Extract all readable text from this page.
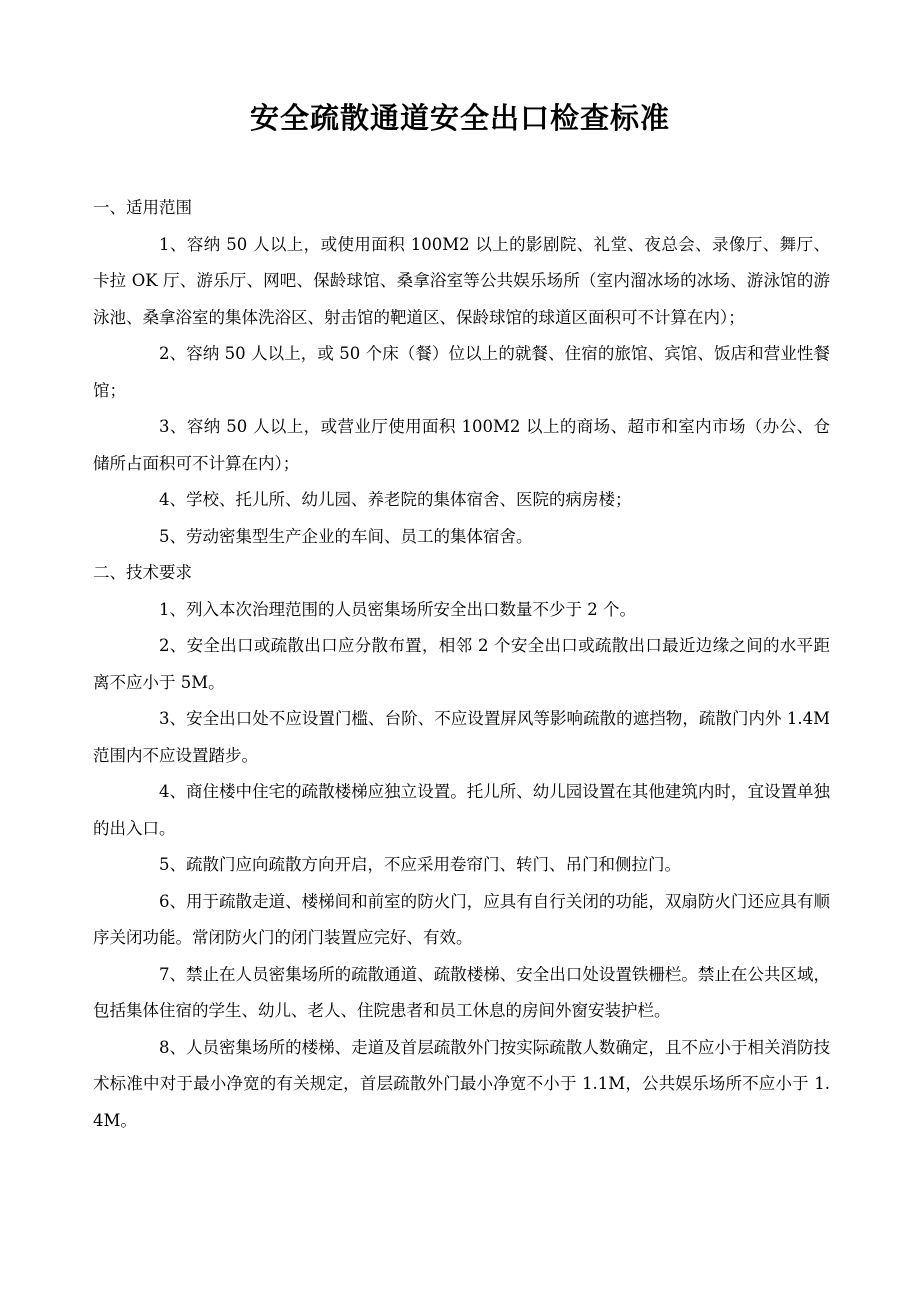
安全疏散通道安全出口检查标准

一、适用范围

1、容纳 50 人以上，或使用面积 100M2 以上的影剧院、礼堂、夜总会、录像厅、舞厅、卡拉 OK 厅、游乐厅、网吧、保龄球馆、桑拿浴室等公共娱乐场所（室内溜冰场的冰场、游泳馆的游泳池、桑拿浴室的集体洗浴区、射击馆的靶道区、保龄球馆的球道区面积可不计算在内）；

2、容纳 50 人以上，或 50 个床（餐）位以上的就餐、住宿的旅馆、宾馆、饭店和营业性餐馆；

3、容纳 50 人以上，或营业厅使用面积 100M2 以上的商场、超市和室内市场（办公、仓储所占面积可不计算在内）；

4、学校、托儿所、幼儿园、养老院的集体宿舍、医院的病房楼；

5、劳动密集型生产企业的车间、员工的集体宿舍。

二、技术要求

1、列入本次治理范围的人员密集场所安全出口数量不少于 2 个。

2、安全出口或疏散出口应分散布置，相邻 2 个安全出口或疏散出口最近边缘之间的水平距离不应小于 5M。

3、安全出口处不应设置门槛、台阶、不应设置屏风等影响疏散的遮挡物，疏散门内外 1.4M 范围内不应设置踏步。

4、商住楼中住宅的疏散楼梯应独立设置。托儿所、幼儿园设置在其他建筑内时，宜设置单独的出入口。

5、疏散门应向疏散方向开启，不应采用卷帘门、转门、吊门和侧拉门。

6、用于疏散走道、楼梯间和前室的防火门，应具有自行关闭的功能，双扇防火门还应具有顺序关闭功能。常闭防火门的闭门装置应完好、有效。

7、禁止在人员密集场所的疏散通道、疏散楼梯、安全出口处设置铁栅栏。禁止在公共区域，包括集体住宿的学生、幼儿、老人、住院患者和员工休息的房间外窗安装护栏。

8、人员密集场所的楼梯、走道及首层疏散外门按实际疏散人数确定，且不应小于相关消防技术标准中对于最小净宽的有关规定，首层疏散外门最小净宽不小于 1.1M，公共娱乐场所不应小于 1.4M。
